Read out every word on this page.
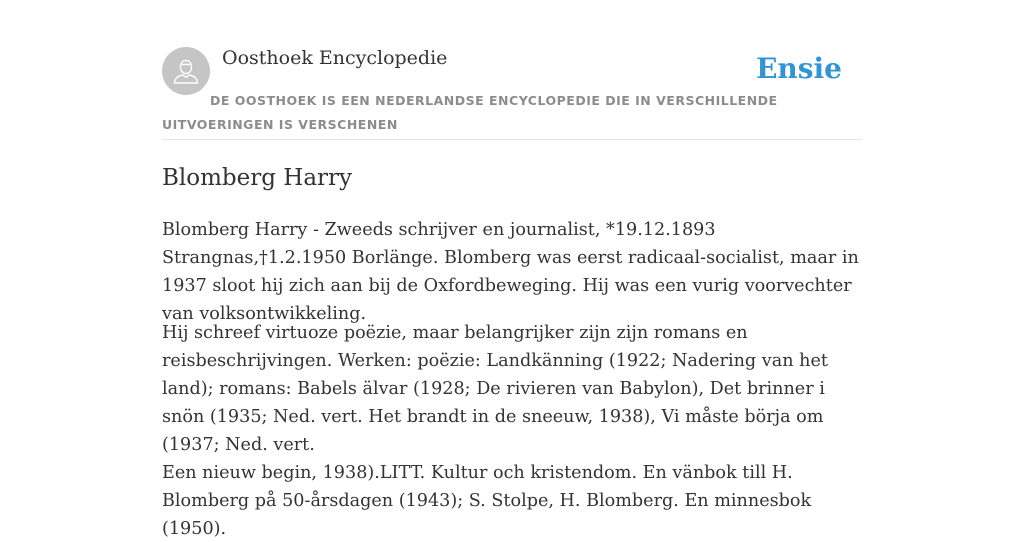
Oosthoek Encyclopedie	Ensie
DE OOSTHOEK IS EEN NEDERLANDSE ENCYCLOPEDIE DIE IN VERSCHILLENDE UITVOERINGEN IS VERSCHENEN
Blomberg Harry

Blomberg Harry - Zweeds schrijver en journalist, *19.12.1893 Strangnas,†1.2.1950 Borlänge. Blomberg was eerst radicaal-socialist, maar in 1937 sloot hij zich aan bij de Oxfordbeweging. Hij was een vurig voorvechter van volksontwikkeling.

Hij schreef virtuoze poëzie, maar belangrijker zijn zijn romans en reisbeschrijvingen. Werken: poëzie: Landkänning (1922; Nadering van het land); romans: Babels älvar (1928; De rivieren van Babylon), Det brinner i snön (1935; Ned. vert. Het brandt in de sneeuw, 1938), Vi måste börja om (1937; Ned. vert.

Een nieuw begin, 1938).LITT. Kultur och kristendom. En vänbok till H. Blomberg på 50-årsdagen (1943); S. Stolpe, H. Blomberg. En minnesbok (1950).
